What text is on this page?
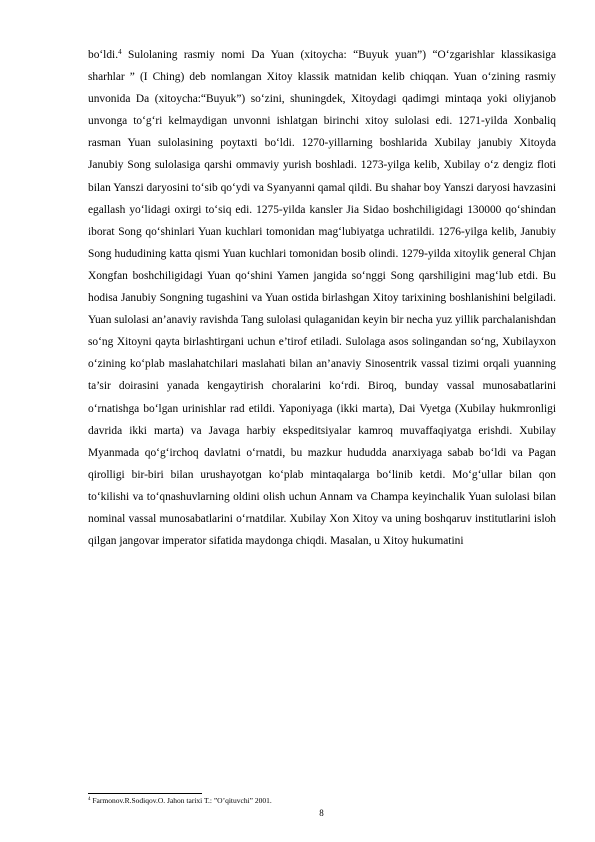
bo‘ldi.$^4$ Sulolaning rasmiy nomi Da Yuan (xitoycha: “Buyuk yuan”) “O‘zgarishlar klassikasiga sharhlar ” (I Ching) deb nomlangan Xitoy klassik matnidan kelib chiqqan. Yuan o‘zining rasmiy unvonida Da (xitoycha:“Buyuk”) so‘zini, shuningdek, Xitoydagi qadimgi mintaqa yoki oliyjanob unvonga to‘g‘ri kelmaydigan unvonni ishlatgan birinchi xitoy sulolasi edi. 1271-yilda Xonbaliq rasman Yuan sulolasining poytaxti bo‘ldi. 1270-yillarning boshlarida Xubilay janubiy Xitoyda Janubiy Song sulolasiga qarshi ommaviy yurish boshladi. 1273-yilga kelib, Xubilay o‘z dengiz floti bilan Yanszi daryosini to‘sib qo‘ydi va Syanyanni qamal qildi. Bu shahar boy Yanszi daryosi havzasini egallash yo‘lidagi oxirgi to‘siq edi. 1275-yilda kansler Jia Sidao boshchiligidagi 130000 qo‘shindan iborat Song qo‘shinlari Yuan kuchlari tomonidan mag‘lubiyatga uchratildi. 1276-yilga kelib, Janubiy Song hududining katta qismi Yuan kuchlari tomonidan bosib olindi. 1279-yilda xitoylik general Chjan Xongfan boshchiligidagi Yuan qo‘shini Yamen jangida so‘nggi Song qarshiligini mag‘lub etdi. Bu hodisa Janubiy Songning tugashini va Yuan ostida birlashgan Xitoy tarixining boshlanishini belgiladi. Yuan sulolasi an’anaviy ravishda Tang sulolasi qulaganidan keyin bir necha yuz yillik parchalanishdan so‘ng Xitoyni qayta birlashtirgani uchun e’tirof etiladi. Sulolaga asos solingandan so‘ng, Xubilayxon o‘zining ko‘plab maslahatchilari maslahati bilan an’anaviy Sinosentrik vassal tizimi orqali yuanning ta’sir doirasini yanada kengaytirish choralarini ko‘rdi. Biroq, bunday vassal munosabatlarini o‘rnatishga bo‘lgan urinishlar rad etildi. Yaponiyaga (ikki marta), Dai Vyetga (Xubilay hukmronligi davrida ikki marta) va Javaga harbiy ekspeditsiyalar kamroq muvaffaqiyatga erishdi. Xubilay Myanmada qo‘g‘irchoq davlatni o‘rnatdi, bu mazkur hududda anarxiyaga sabab bo‘ldi va Pagan qirolligi bir-biri bilan urushayotgan ko‘plab mintaqalarga bo‘linib ketdi. Mo‘g‘ullar bilan qon to‘kilishi va to‘qnashuvlarning oldini olish uchun Annam va Champa keyinchalik Yuan sulolasi bilan nominal vassal munosabatlarini o‘rnatdilar. Xubilay Xon Xitoy va uning boshqaruv institutlarini isloh qilgan jangovar imperator sifatida maydonga chiqdi. Masalan, u Xitoy hukumatini

$^4$ Farmonov.R.Sodiqov.O. Jahon tarixi T.: ”O’qituvchi” 2001.
8
